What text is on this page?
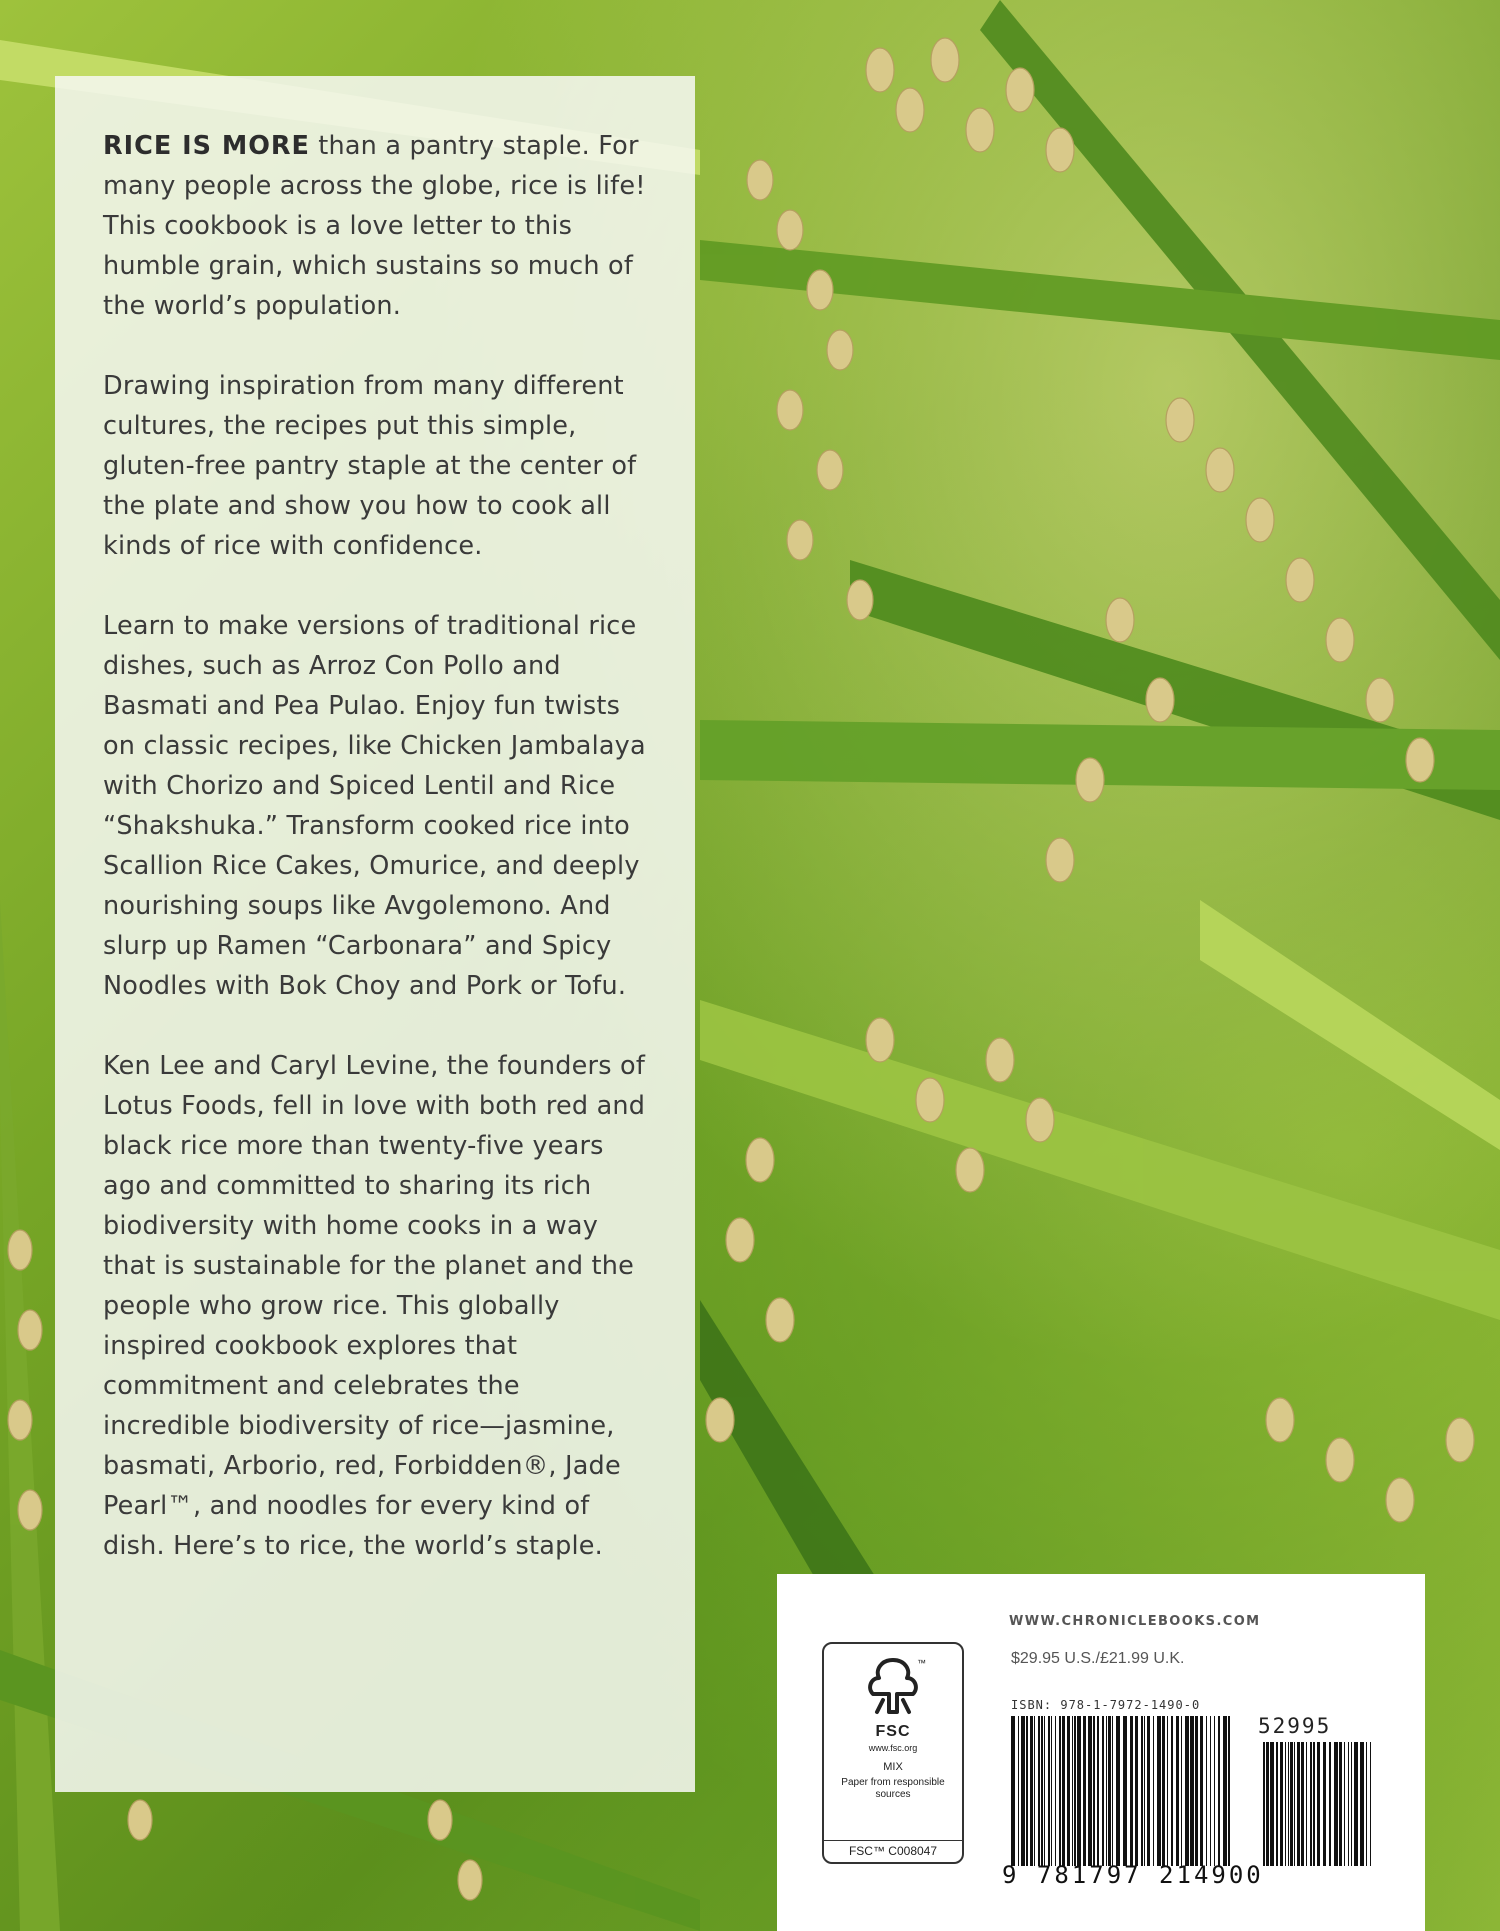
RICE IS MORE than a pantry staple. For many people across the globe, rice is life! This cookbook is a love letter to this humble grain, which sustains so much of the world’s population.

Drawing inspiration from many different cultures, the recipes put this simple, gluten-free pantry staple at the center of the plate and show you how to cook all kinds of rice with confidence.

Learn to make versions of traditional rice dishes, such as Arroz Con Pollo and Basmati and Pea Pulao. Enjoy fun twists on classic recipes, like Chicken Jambalaya with Chorizo and Spiced Lentil and Rice “Shakshuka.” Transform cooked rice into Scallion Rice Cakes, Omurice, and deeply nourishing soups like Avgolemono. And slurp up Ramen “Carbonara” and Spicy Noodles with Bok Choy and Pork or Tofu.

Ken Lee and Caryl Levine, the founders of Lotus Foods, fell in love with both red and black rice more than twenty-five years ago and committed to sharing its rich biodiversity with home cooks in a way that is sustainable for the planet and the people who grow rice. This globally inspired cookbook explores that commitment and celebrates the incredible biodiversity of rice—jasmine, basmati, Arborio, red, Forbidden®, Jade Pearl™, and noodles for every kind of dish. Here’s to rice, the world’s staple.

™
FSC
www.fsc.org
MIX
Paper from responsible sources
FSC™ C008047
WWW.CHRONICLEBOOKS.COM
$29.95 U.S./£21.99 U.K.
ISBN: 978-1-7972-1490-0
52995
9 781797 214900
